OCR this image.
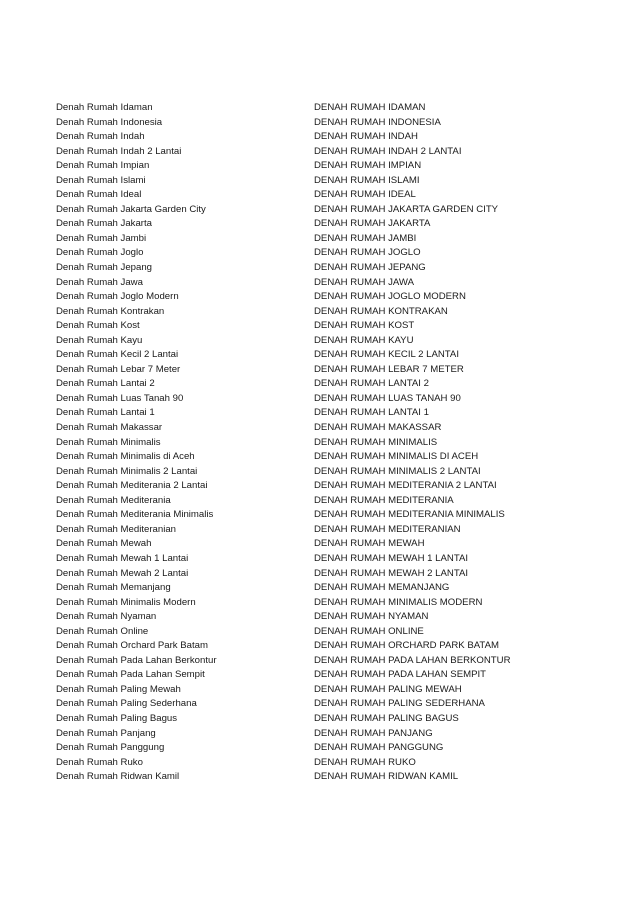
Denah Rumah Idaman	DENAH RUMAH IDAMAN
Denah Rumah Indonesia	DENAH RUMAH INDONESIA
Denah Rumah Indah	DENAH RUMAH INDAH
Denah Rumah Indah 2 Lantai	DENAH RUMAH INDAH 2 LANTAI
Denah Rumah Impian	DENAH RUMAH IMPIAN
Denah Rumah Islami	DENAH RUMAH ISLAMI
Denah Rumah Ideal	DENAH RUMAH IDEAL
Denah Rumah Jakarta Garden City	DENAH RUMAH JAKARTA GARDEN CITY
Denah Rumah Jakarta	DENAH RUMAH JAKARTA
Denah Rumah Jambi	DENAH RUMAH JAMBI
Denah Rumah Joglo	DENAH RUMAH JOGLO
Denah Rumah Jepang	DENAH RUMAH JEPANG
Denah Rumah Jawa	DENAH RUMAH JAWA
Denah Rumah Joglo Modern	DENAH RUMAH JOGLO MODERN
Denah Rumah Kontrakan	DENAH RUMAH KONTRAKAN
Denah Rumah Kost	DENAH RUMAH KOST
Denah Rumah Kayu	DENAH RUMAH KAYU
Denah Rumah Kecil 2 Lantai	DENAH RUMAH KECIL 2 LANTAI
Denah Rumah Lebar 7 Meter	DENAH RUMAH LEBAR 7 METER
Denah Rumah Lantai 2	DENAH RUMAH LANTAI 2
Denah Rumah Luas Tanah 90	DENAH RUMAH LUAS TANAH 90
Denah Rumah Lantai 1	DENAH RUMAH LANTAI 1
Denah Rumah Makassar	DENAH RUMAH MAKASSAR
Denah Rumah Minimalis	DENAH RUMAH MINIMALIS
Denah Rumah Minimalis di Aceh	DENAH RUMAH MINIMALIS DI ACEH
Denah Rumah Minimalis 2 Lantai	DENAH RUMAH MINIMALIS 2 LANTAI
Denah Rumah Mediterania 2 Lantai	DENAH RUMAH MEDITERANIA 2 LANTAI
Denah Rumah Mediterania	DENAH RUMAH MEDITERANIA
Denah Rumah Mediterania Minimalis	DENAH RUMAH MEDITERANIA MINIMALIS
Denah Rumah Mediteranian	DENAH RUMAH MEDITERANIAN
Denah Rumah Mewah	DENAH RUMAH MEWAH
Denah Rumah Mewah 1 Lantai	DENAH RUMAH MEWAH 1 LANTAI
Denah Rumah Mewah 2 Lantai	DENAH RUMAH MEWAH 2 LANTAI
Denah Rumah Memanjang	DENAH RUMAH MEMANJANG
Denah Rumah Minimalis Modern	DENAH RUMAH MINIMALIS MODERN
Denah Rumah Nyaman	DENAH RUMAH NYAMAN
Denah Rumah Online	DENAH RUMAH ONLINE
Denah Rumah Orchard Park Batam	DENAH RUMAH ORCHARD PARK BATAM
Denah Rumah Pada Lahan Berkontur	DENAH RUMAH PADA LAHAN BERKONTUR
Denah Rumah Pada Lahan Sempit	DENAH RUMAH PADA LAHAN SEMPIT
Denah Rumah Paling Mewah	DENAH RUMAH PALING MEWAH
Denah Rumah Paling Sederhana	DENAH RUMAH PALING SEDERHANA
Denah Rumah Paling Bagus	DENAH RUMAH PALING BAGUS
Denah Rumah Panjang	DENAH RUMAH PANJANG
Denah Rumah Panggung	DENAH RUMAH PANGGUNG
Denah Rumah Ruko	DENAH RUMAH RUKO
Denah Rumah Ridwan Kamil	DENAH RUMAH RIDWAN KAMIL
